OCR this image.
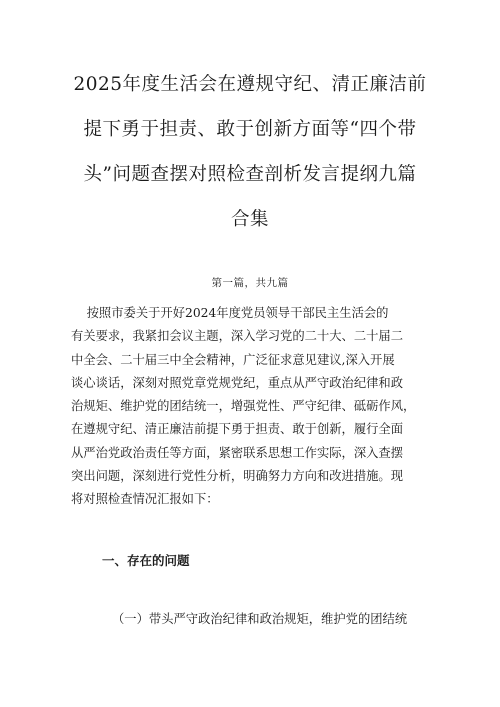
2025年度生活会在遵规守纪、清正廉洁前
提下勇于担责、敢于创新方面等“四个带
头”问题查摆对照检查剖析发言提纲九篇
合集
第一篇，共九篇
按照市委关于开好2024年度党员领导干部民主生活会的
有关要求，我紧扣会议主题，深入学习党的二十大、二十届二
中全会、二十届三中全会精神，广泛征求意见建议,深入开展
谈心谈话，深刻对照党章党规党纪，重点从严守政治纪律和政
治规矩、维护党的团结统一，增强党性、严守纪律、砥砺作风，
在遵规守纪、清正廉洁前提下勇于担责、敢于创新，履行全面
从严治党政治责任等方面，紧密联系思想工作实际，深入查摆
突出问题，深刻进行党性分析，明确努力方向和改进措施。现
将对照检查情况汇报如下：
一、存在的问题
（一）带头严守政治纪律和政治规矩，维护党的团结统
